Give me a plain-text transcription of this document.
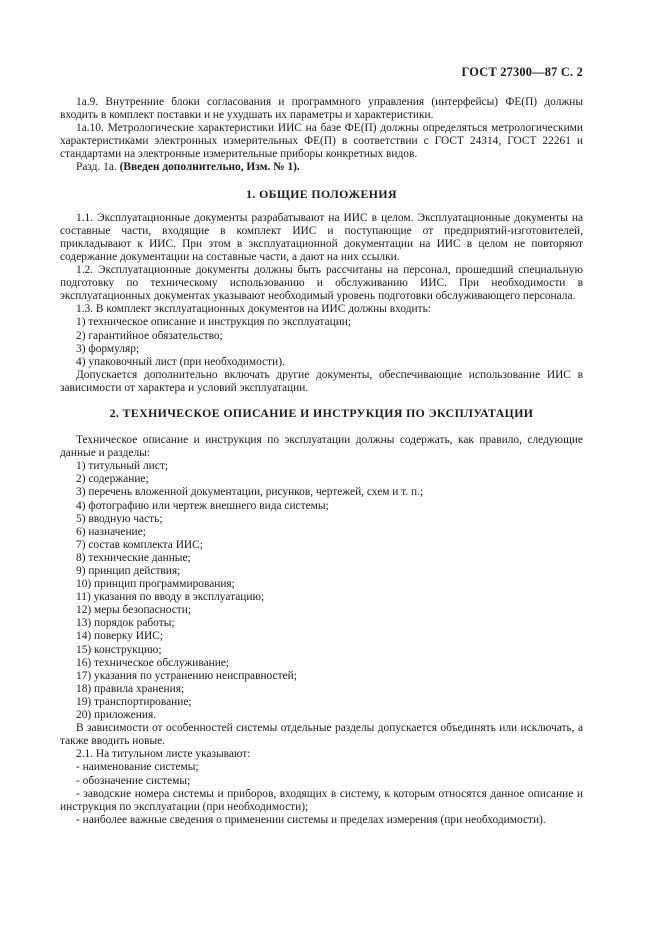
ГОСТ 27300—87 С. 2

1а.9. Внутренние блоки согласования и программного управления (интерфейсы) ФЕ(П) должны входить в комплект поставки и не ухудшать их параметры и характеристики.

1а.10. Метрологические характеристики ИИС на базе ФЕ(П) должны определяться метрологическими характеристиками электронных измерительных ФЕ(П) в соответствии с ГОСТ 24314, ГОСТ 22261 и стандартами на электронные измерительные приборы конкретных видов.

Разд. 1а. (Введен дополнительно, Изм. № 1).

1. ОБЩИЕ ПОЛОЖЕНИЯ

1.1. Эксплуатационные документы разрабатывают на ИИС в целом. Эксплуатационные документы на составные части, входящие в комплект ИИС и поступающие от предприятий-изготовителей, прикладывают к ИИС. При этом в эксплуатационной документации на ИИС в целом не повторяют содержание документации на составные части, а дают на них ссылки.

1.2. Эксплуатационные документы должны быть рассчитаны на персонал, прошедший специальную подготовку по техническому использованию и обслуживанию ИИС. При необходимости в эксплуатационных документах указывают необходимый уровень подготовки обслуживающего персонала.

1.3. В комплект эксплуатационных документов на ИИС должны входить:

1) техническое описание и инструкция по эксплуатации;

2) гарантийное обязательство;

3) формуляр;

4) упаковочный лист (при необходимости).

Допускается дополнительно включать другие документы, обеспечивающие использование ИИС в зависимости от характера и условий эксплуатации.

2. ТЕХНИЧЕСКОЕ ОПИСАНИЕ И ИНСТРУКЦИЯ ПО ЭКСПЛУАТАЦИИ

Техническое описание и инструкция по эксплуатации должны содержать, как правило, следующие данные и разделы:

1) титульный лист;

2) содержание;

3) перечень вложенной документации, рисунков, чертежей, схем и т. п.;

4) фотографию или чертеж внешнего вида системы;

5) вводную часть;

6) назначение;

7) состав комплекта ИИС;

8) технические данные;

9) принцип действия;

10) принцип программирования;

11) указания по вводу в эксплуатацию;

12) меры безопасности;

13) порядок работы;

14) поверку ИИС;

15) конструкцию;

16) техническое обслуживание;

17) указания по устранению неисправностей;

18) правила хранения;

19) транспортирование;

20) приложения.

В зависимости от особенностей системы отдельные разделы допускается объединять или исключать, а также вводить новые.

2.1. На титульном листе указывают:

- наименование системы;

- обозначение системы;

- заводские номера системы и приборов, входящих в систему, к которым относятся данное описание и инструкция по эксплуатации (при необходимости);

- наиболее важные сведения о применении системы и пределах измерения (при необходимости).
